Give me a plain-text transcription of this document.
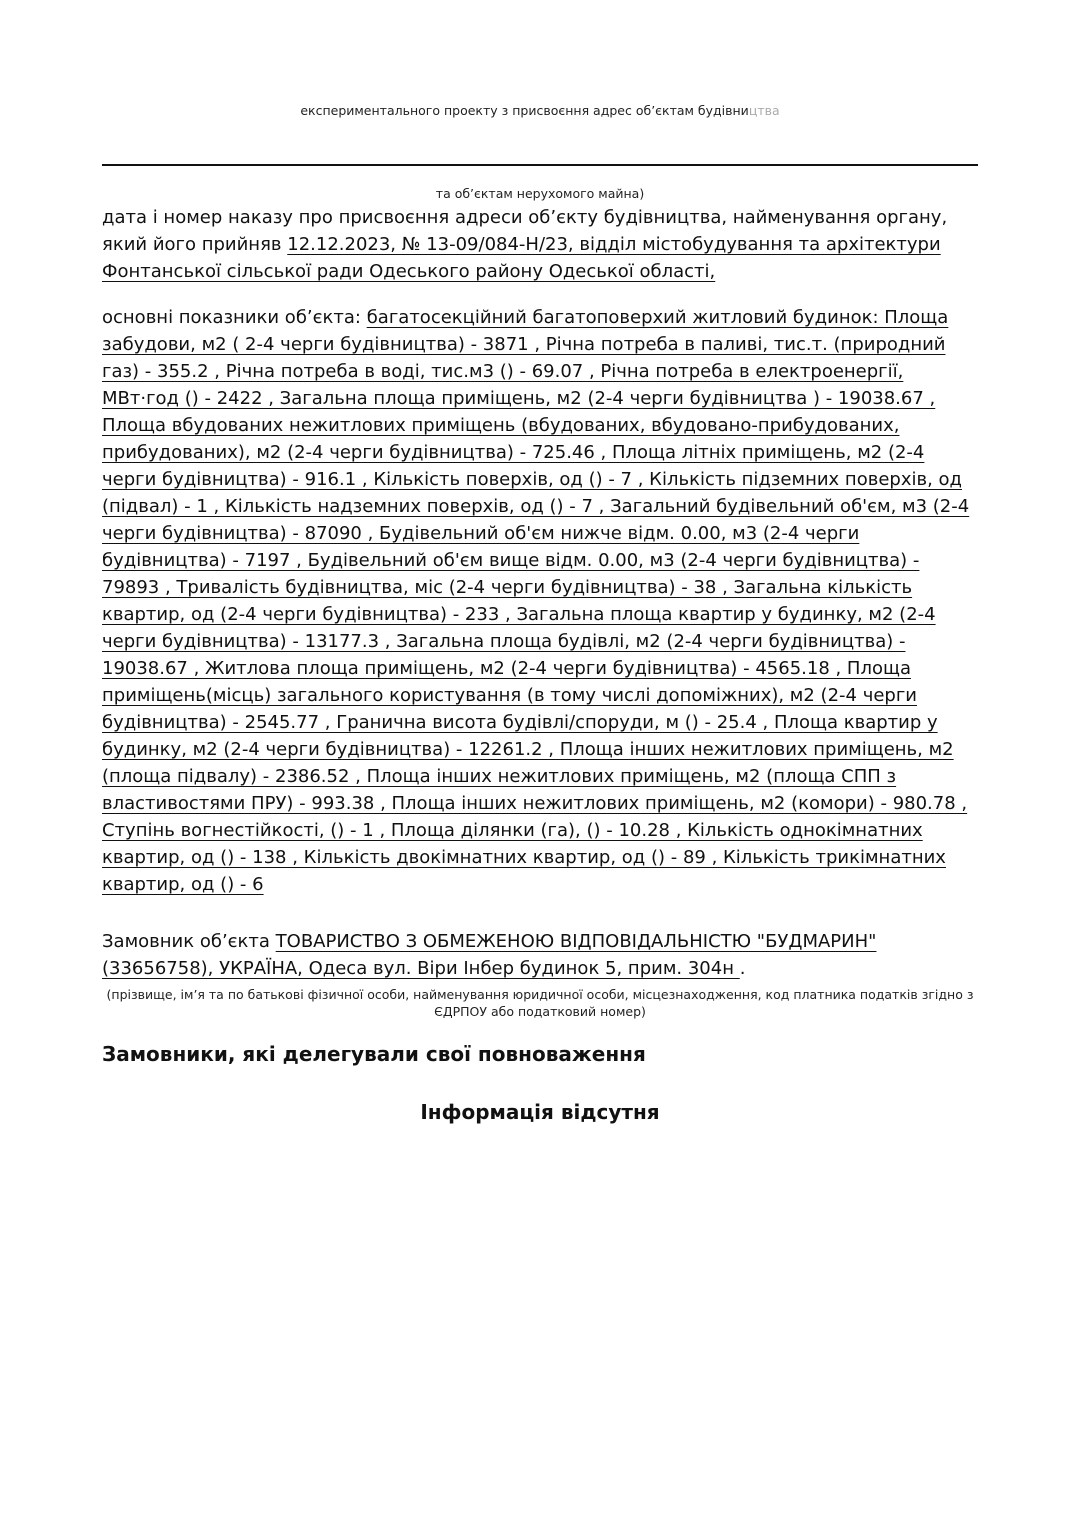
експериментального проекту з присвоєння адрес об’єктам будівництва
та об’єктам нерухомого майна)
дата і номер наказу про присвоєння адреси об’єкту будівництва, найменування органу, який його прийняв 12.12.2023, № 13-09/084-Н/23, відділ містобудування та архітектури Фонтанської сільської ради Одеського району Одеської області,
основні показники об’єкта: багатосекційний багатоповерхий житловий будинок: Площа забудови, м2 ( 2-4 черги будівництва) - 3871 , Річна потреба в паливі, тис.т. (природний газ) - 355.2 , Річна потреба в воді, тис.м3 () - 69.07 , Річна потреба в електроенергії, МВт·год () - 2422 , Загальна площа приміщень, м2 (2-4 черги будівництва ) - 19038.67 , Площа вбудованих нежитлових приміщень (вбудованих, вбудовано-прибудованих, прибудованих), м2 (2-4 черги будівництва) - 725.46 , Площа літніх приміщень, м2 (2-4 черги будівництва) - 916.1 , Кількість поверхів, од () - 7 , Кількість підземних поверхів, од (підвал) - 1 , Кількість надземних поверхів, од () - 7 , Загальний будівельний об'єм, м3 (2-4 черги будівництва) - 87090 , Будівельний об'єм нижче відм. 0.00, м3 (2-4 черги будівництва) - 7197 , Будівельний об'єм вище відм. 0.00, м3 (2-4 черги будівництва) - 79893 , Тривалість будівництва, міс (2-4 черги будівництва) - 38 , Загальна кількість квартир, од (2-4 черги будівництва) - 233 , Загальна площа квартир у будинку, м2 (2-4 черги будівництва) - 13177.3 , Загальна площа будівлі, м2 (2-4 черги будівництва) - 19038.67 , Житлова площа приміщень, м2 (2-4 черги будівництва) - 4565.18 , Площа приміщень(місць) загального користування (в тому числі допоміжних), м2 (2-4 черги будівництва) - 2545.77 , Гранична висота будівлі/споруди, м () - 25.4 , Площа квартир у будинку, м2 (2-4 черги будівництва) - 12261.2 , Площа інших нежитлових приміщень, м2 (площа підвалу) - 2386.52 , Площа інших нежитлових приміщень, м2 (площа СПП з властивостями ПРУ) - 993.38 , Площа інших нежитлових приміщень, м2 (комори) - 980.78 , Ступінь вогнестійкості, () - 1 , Площа ділянки (га), () - 10.28 , Кількість однокімнатних квартир, од () - 138 , Кількість двокімнатних квартир, од () - 89 , Кількість трикімнатних квартир, од () - 6
Замовник об’єкта ТОВАРИСТВО З ОБМЕЖЕНОЮ ВІДПОВІДАЛЬНІСТЮ "БУДМАРИН" (33656758), УКРАЇНА, Одеса вул. Віри Інбер будинок 5, прим. 304н .
(прізвище, ім’я та по батькові фізичної особи, найменування юридичної особи, місцезнаходження, код платника податків згідно з ЄДРПОУ або податковий номер)
Замовники, які делегували свої повноваження
Інформація відсутня
